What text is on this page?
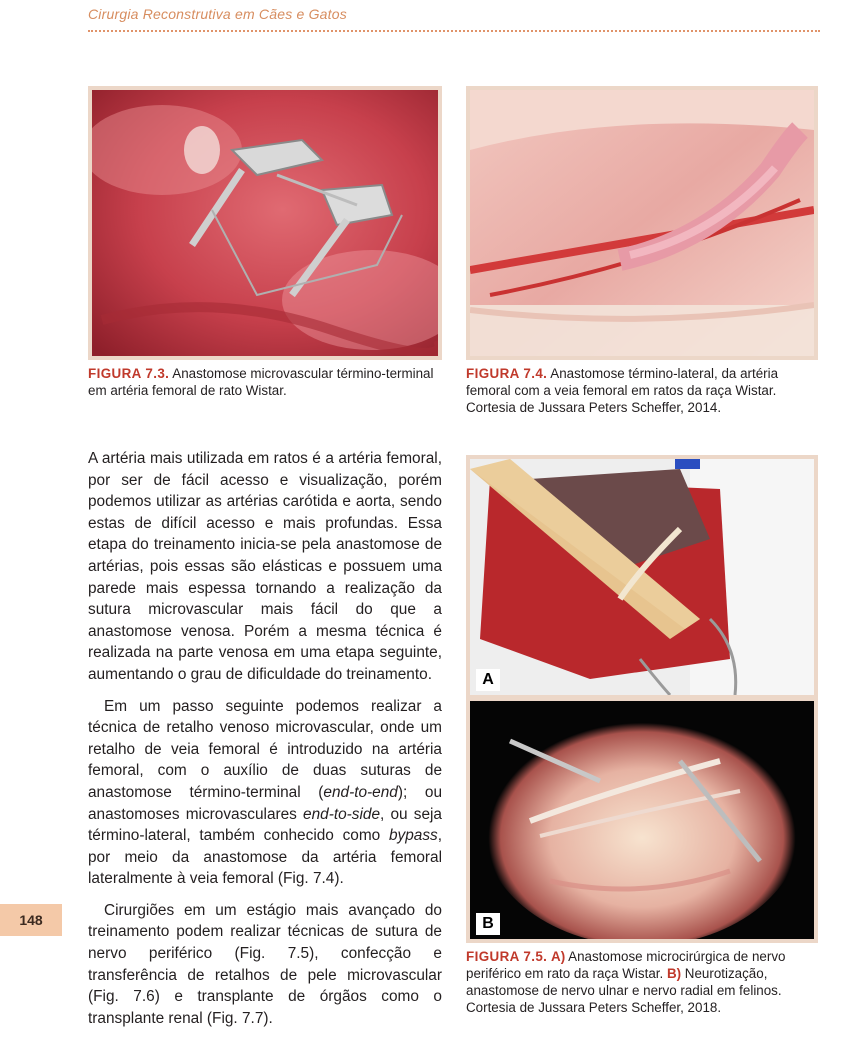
Cirurgia Reconstrutiva em Cães e Gatos
FIGURA 7.3. Anastomose microvascular término-terminal em artéria femoral de rato Wistar.
FIGURA 7.4. Anastomose término-lateral, da artéria femoral com a veia femoral em ratos da raça Wistar. Cortesia de Jussara Peters Scheffer, 2014.
A
B
FIGURA 7.5. A) Anastomose microcirúrgica de nervo periférico em rato da raça Wistar. B) Neurotização, anastomose de nervo ulnar e nervo radial em felinos. Cortesia de Jussara Peters Scheffer, 2018.

A artéria mais utilizada em ratos é a artéria femoral, por ser de fácil acesso e visualização, porém podemos utilizar as artérias carótida e aorta, sendo estas de difícil acesso e mais profundas. Essa etapa do treinamento inicia-se pela anastomose de artérias, pois essas são elásticas e possuem uma parede mais espessa tornando a realização da sutura microvascular mais fácil do que a anastomose venosa. Porém a mesma técnica é realizada na parte venosa em uma etapa seguinte, aumentando o grau de dificuldade do treinamento.

Em um passo seguinte podemos realizar a técnica de retalho venoso microvascular, onde um retalho de veia femoral é introduzido na artéria femoral, com o auxílio de duas suturas de anastomose término-terminal (end-to-end); ou anastomoses microvasculares end-to-side, ou seja término-lateral, também conhecido como bypass, por meio da anastomose da artéria femoral lateralmente à veia femoral (Fig. 7.4).

Cirurgiões em um estágio mais avançado do treinamento podem realizar técnicas de sutura de nervo periférico (Fig. 7.5), confecção e transferência de retalhos de pele microvascular (Fig. 7.6) e transplante de órgãos como o transplante renal (Fig. 7.7).

148
